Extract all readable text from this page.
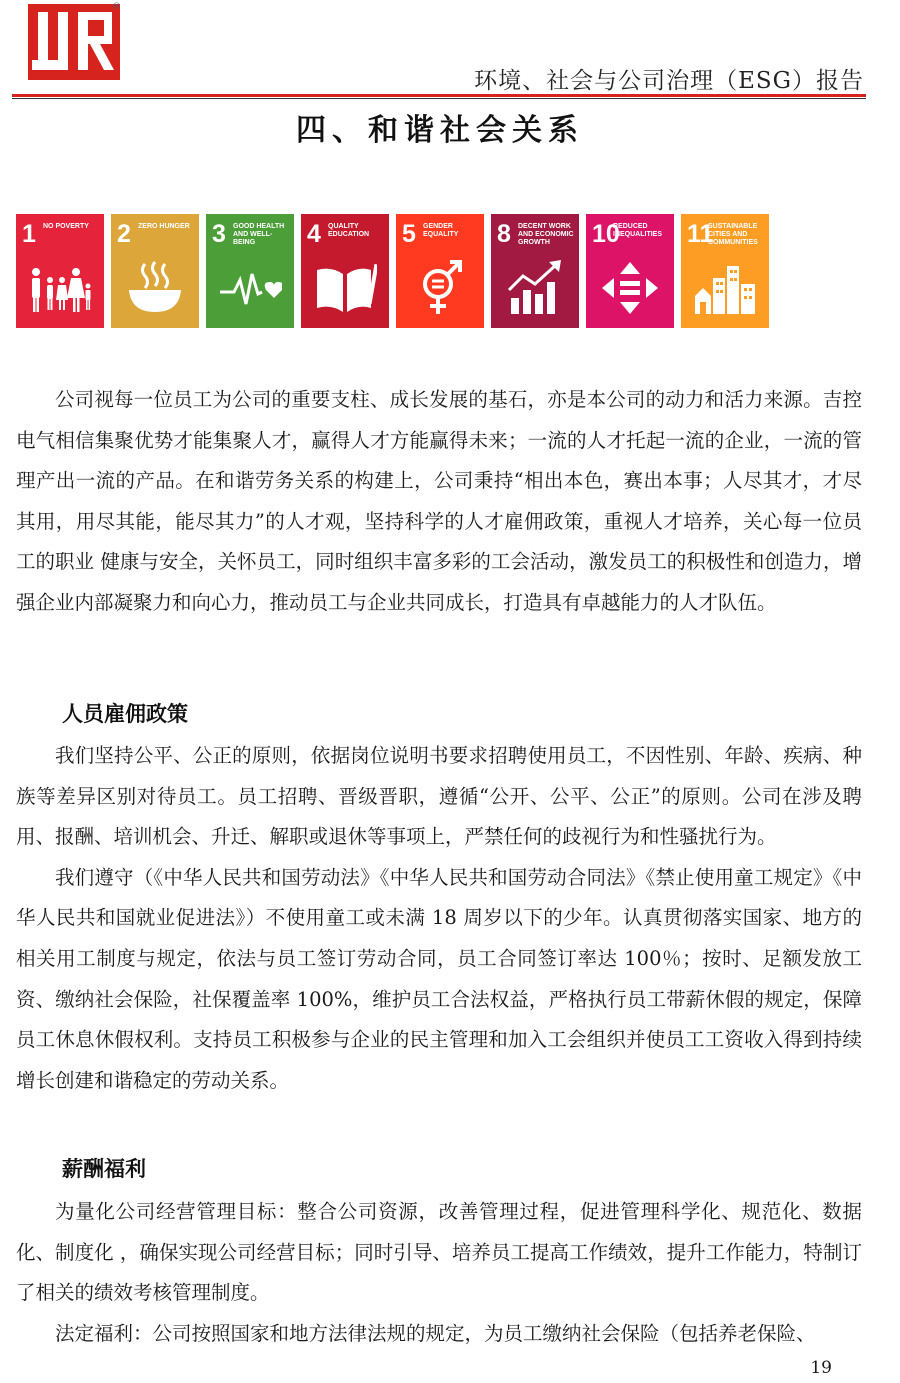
®
环境、社会与公司治理（ESG）报告
四、和谐社会关系
1 NO POVERTY	2 ZERO HUNGER 3 GOOD HEALTH AND WELL-BEING	4 QUALITY EDUCATION	5 GENDER EQUALITY	8 DECENT WORK AND ECONOMIC GROWTH	10
REDUCED INEQUALITIES 11
SUSTAINABLE CITIES AND COMMUNITIES

公司视每一位员工为公司的重要支柱、成长发展的基石，亦是本公司的动力和活力来源。吉控电气相信集聚优势才能集聚人才，赢得人才方能赢得未来；一流的人才托起一流的企业，一流的管理产出一流的产品。在和谐劳务关系的构建上，公司秉持“相出本色，赛出本事；人尽其才，才尽其用，用尽其能，能尽其力”的人才观，坚持科学的人才雇佣政策，重视人才培养，关心每一位员工的职业 健康与安全，关怀员工，同时组织丰富多彩的工会活动，激发员工的积极性和创造力，增强企业内部凝聚力和向心力，推动员工与企业共同成长，打造具有卓越能力的人才队伍。

人员雇佣政策

我们坚持公平、公正的原则，依据岗位说明书要求招聘使用员工，不因性别、年龄、疾病、种族等差异区别对待员工。员工招聘、晋级晋职，遵循“公开、公平、公正”的原则。公司在涉及聘用、报酬、培训机会、升迁、解职或退休等事项上，严禁任何的歧视行为和性骚扰行为。

我们遵守（《中华人民共和国劳动法》《中华人民共和国劳动合同法》《禁止使用童工规定》《中华人民共和国就业促进法》）不使用童工或未满 18 周岁以下的少年。认真贯彻落实国家、地方的相关用工制度与规定，依法与员工签订劳动合同，员工合同签订率达 100％；按时、足额发放工资、缴纳社会保险，社保覆盖率 100%，维护员工合法权益，严格执行员工带薪休假的规定，保障员工休息休假权利。支持员工积极参与企业的民主管理和加入工会组织并使员工工资收入得到持续增长创建和谐稳定的劳动关系。

薪酬福利

为量化公司经营管理目标：整合公司资源，改善管理过程，促进管理科学化、规范化、数据化、制度化 ，确保实现公司经营目标；同时引导、培养员工提高工作绩效，提升工作能力，特制订了相关的绩效考核管理制度。

法定福利：公司按照国家和地方法律法规的规定，为员工缴纳社会保险（包括养老保险、

19
